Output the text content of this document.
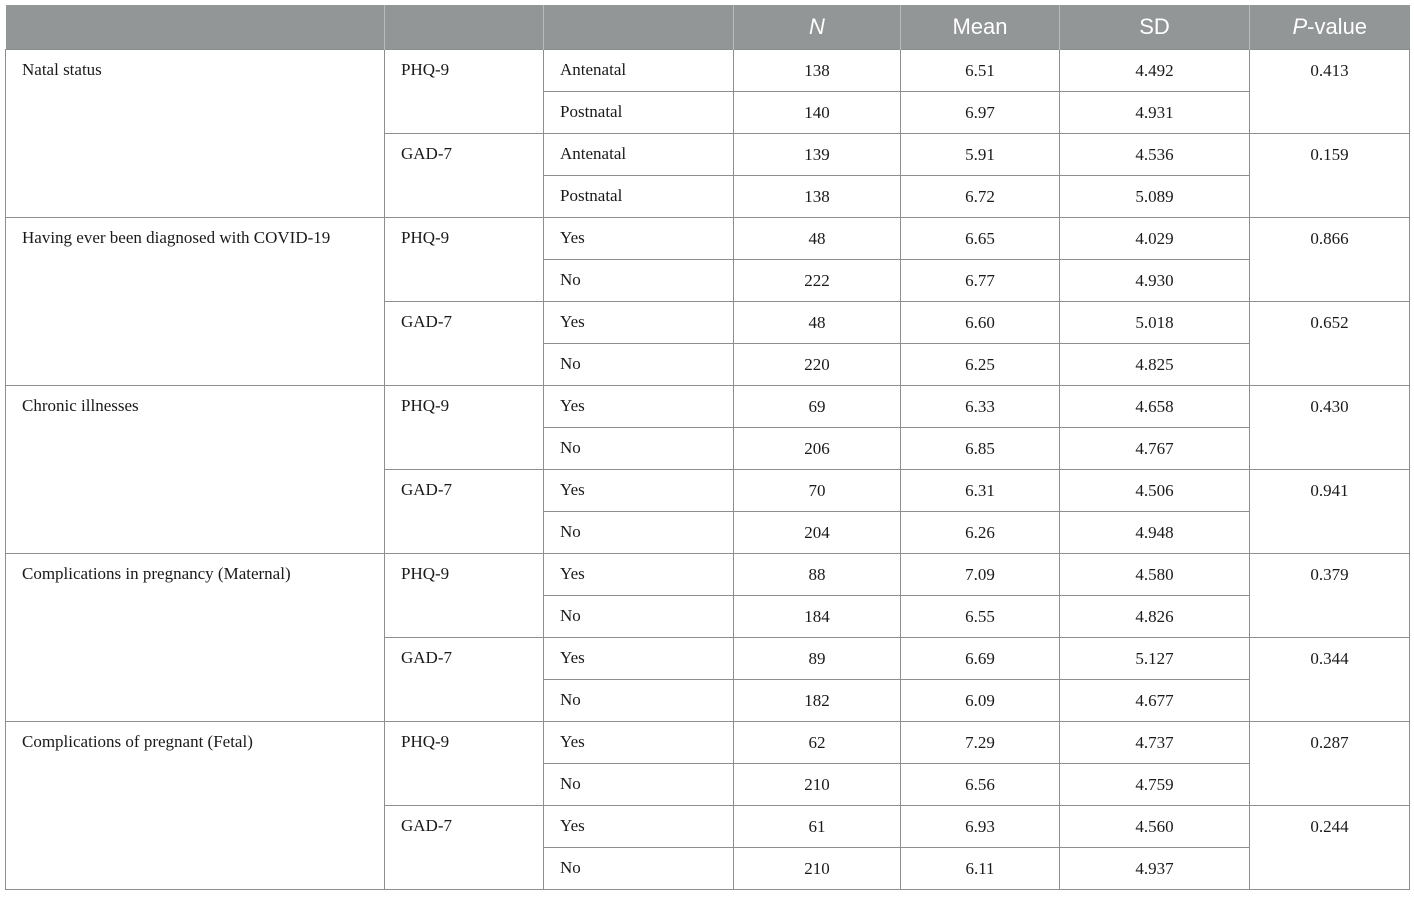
			N	Mean	SD	P-value

Natal status	PHQ-9	Antenatal	138	6.51	4.492	0.413

		Postnatal	140	6.97	4.931	

	GAD-7	Antenatal	139	5.91	4.536	0.159

		Postnatal	138	6.72	5.089	

Having ever been diagnosed with COVID-19	PHQ-9	Yes	48	6.65	4.029	0.866

		No	222	6.77	4.930	

	GAD-7	Yes	48	6.60	5.018	0.652

		No	220	6.25	4.825	

Chronic illnesses	PHQ-9	Yes	69	6.33	4.658	0.430

		No	206	6.85	4.767	

	GAD-7	Yes	70	6.31	4.506	0.941

		No	204	6.26	4.948	

Complications in pregnancy (Maternal)	PHQ-9	Yes	88	7.09	4.580	0.379

		No	184	6.55	4.826	

	GAD-7	Yes	89	6.69	5.127	0.344

		No	182	6.09	4.677	

Complications of pregnant (Fetal)	PHQ-9	Yes	62	7.29	4.737	0.287

		No	210	6.56	4.759	

	GAD-7	Yes	61	6.93	4.560	0.244

		No	210	6.11	4.937	
